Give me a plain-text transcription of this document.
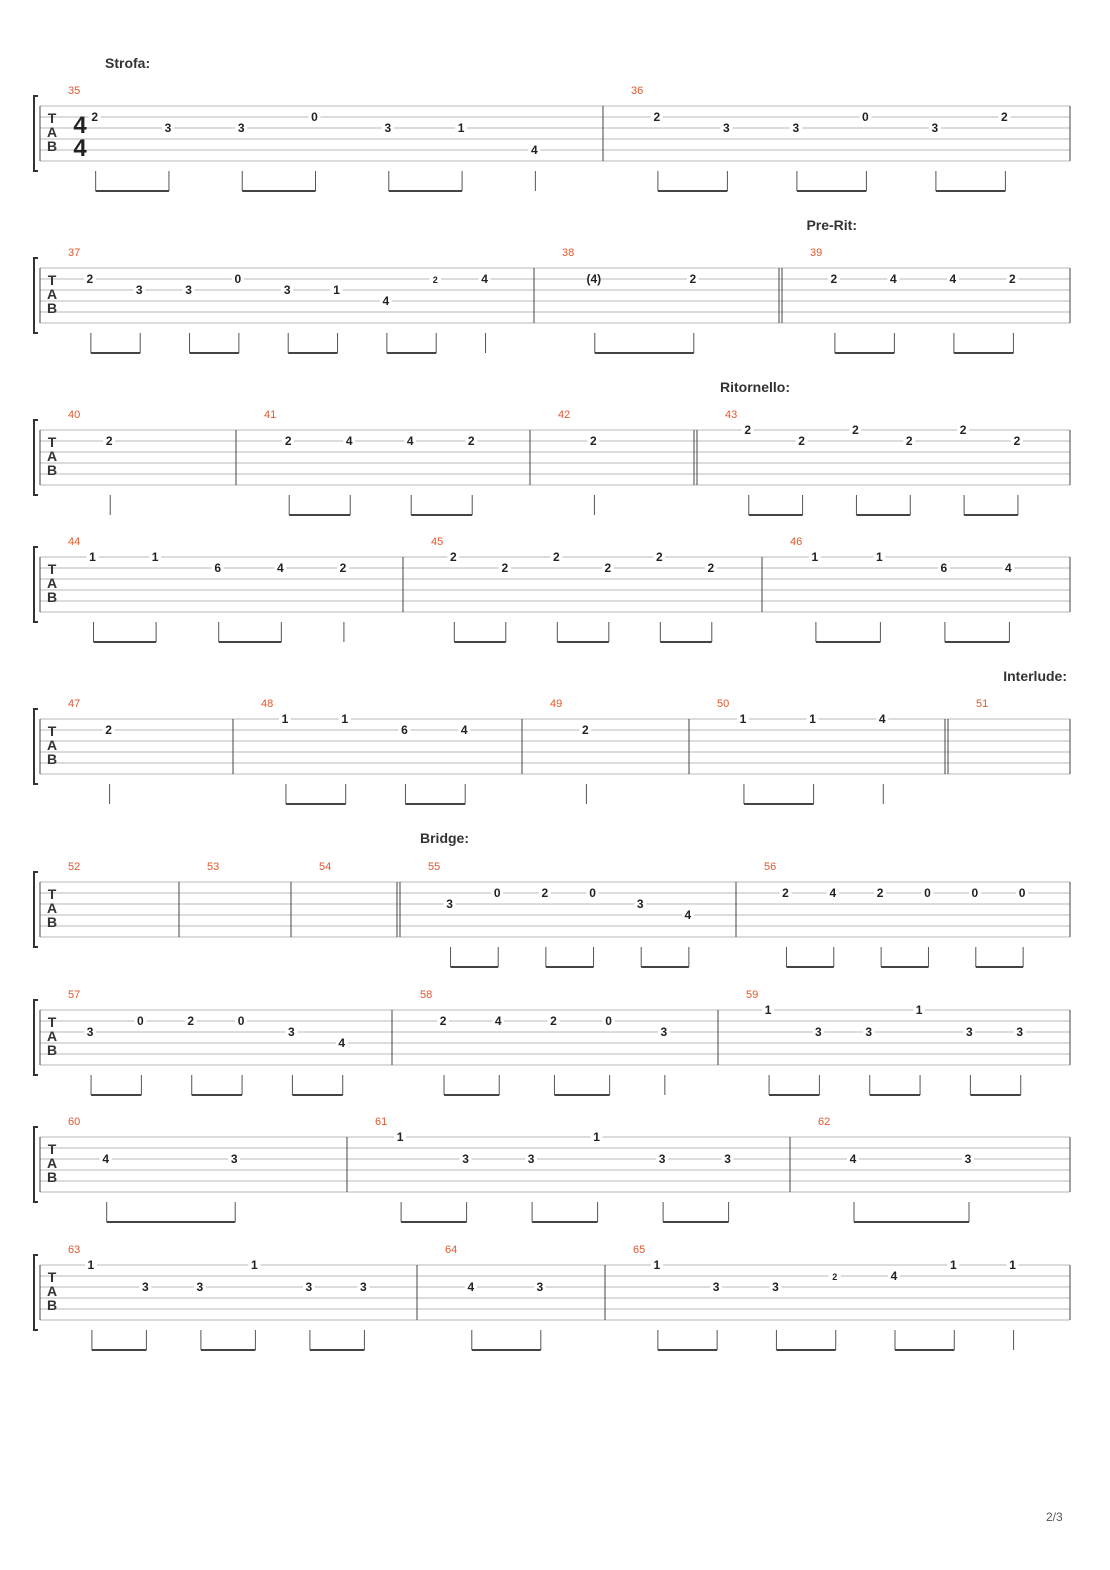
T
A
B
4
4
T
A
B
T
A
B
T
A
B
T
A
B
T
A
B
T
A
B
T
A
B
T
A
B
Strofa:
Pre-Rit:
Ritornello:
Interlude:
Bridge:
35
2
3	3
0
3	1
4
36
2
3	3
0
3
2
37
2
3	3
0
3	1
4
2	4
38
(4)	2
39
2	4	4	2
40
2
41
2	4	4	2
42
2
43
2
2
2
2
2
2
44
1	1
6	4	2
45
2
2
2
2
2
2
46
1	1
6	4
47
2
48
1	1
6	4
49
2
50
1	1	4
51
52	53	54	55
3
0	2	0
3
4
56
2	4	2	0	0	0
57
3
0	2	0
3
4
58
2	4	2	0
3
59
1
3	3
1
3	3
60
4	3
61
1
3	3
1
3	3
62
4	3
63
1
3	3
1
3	3
64
4	3
65
1
3	3
2	4
1	1
2/3
